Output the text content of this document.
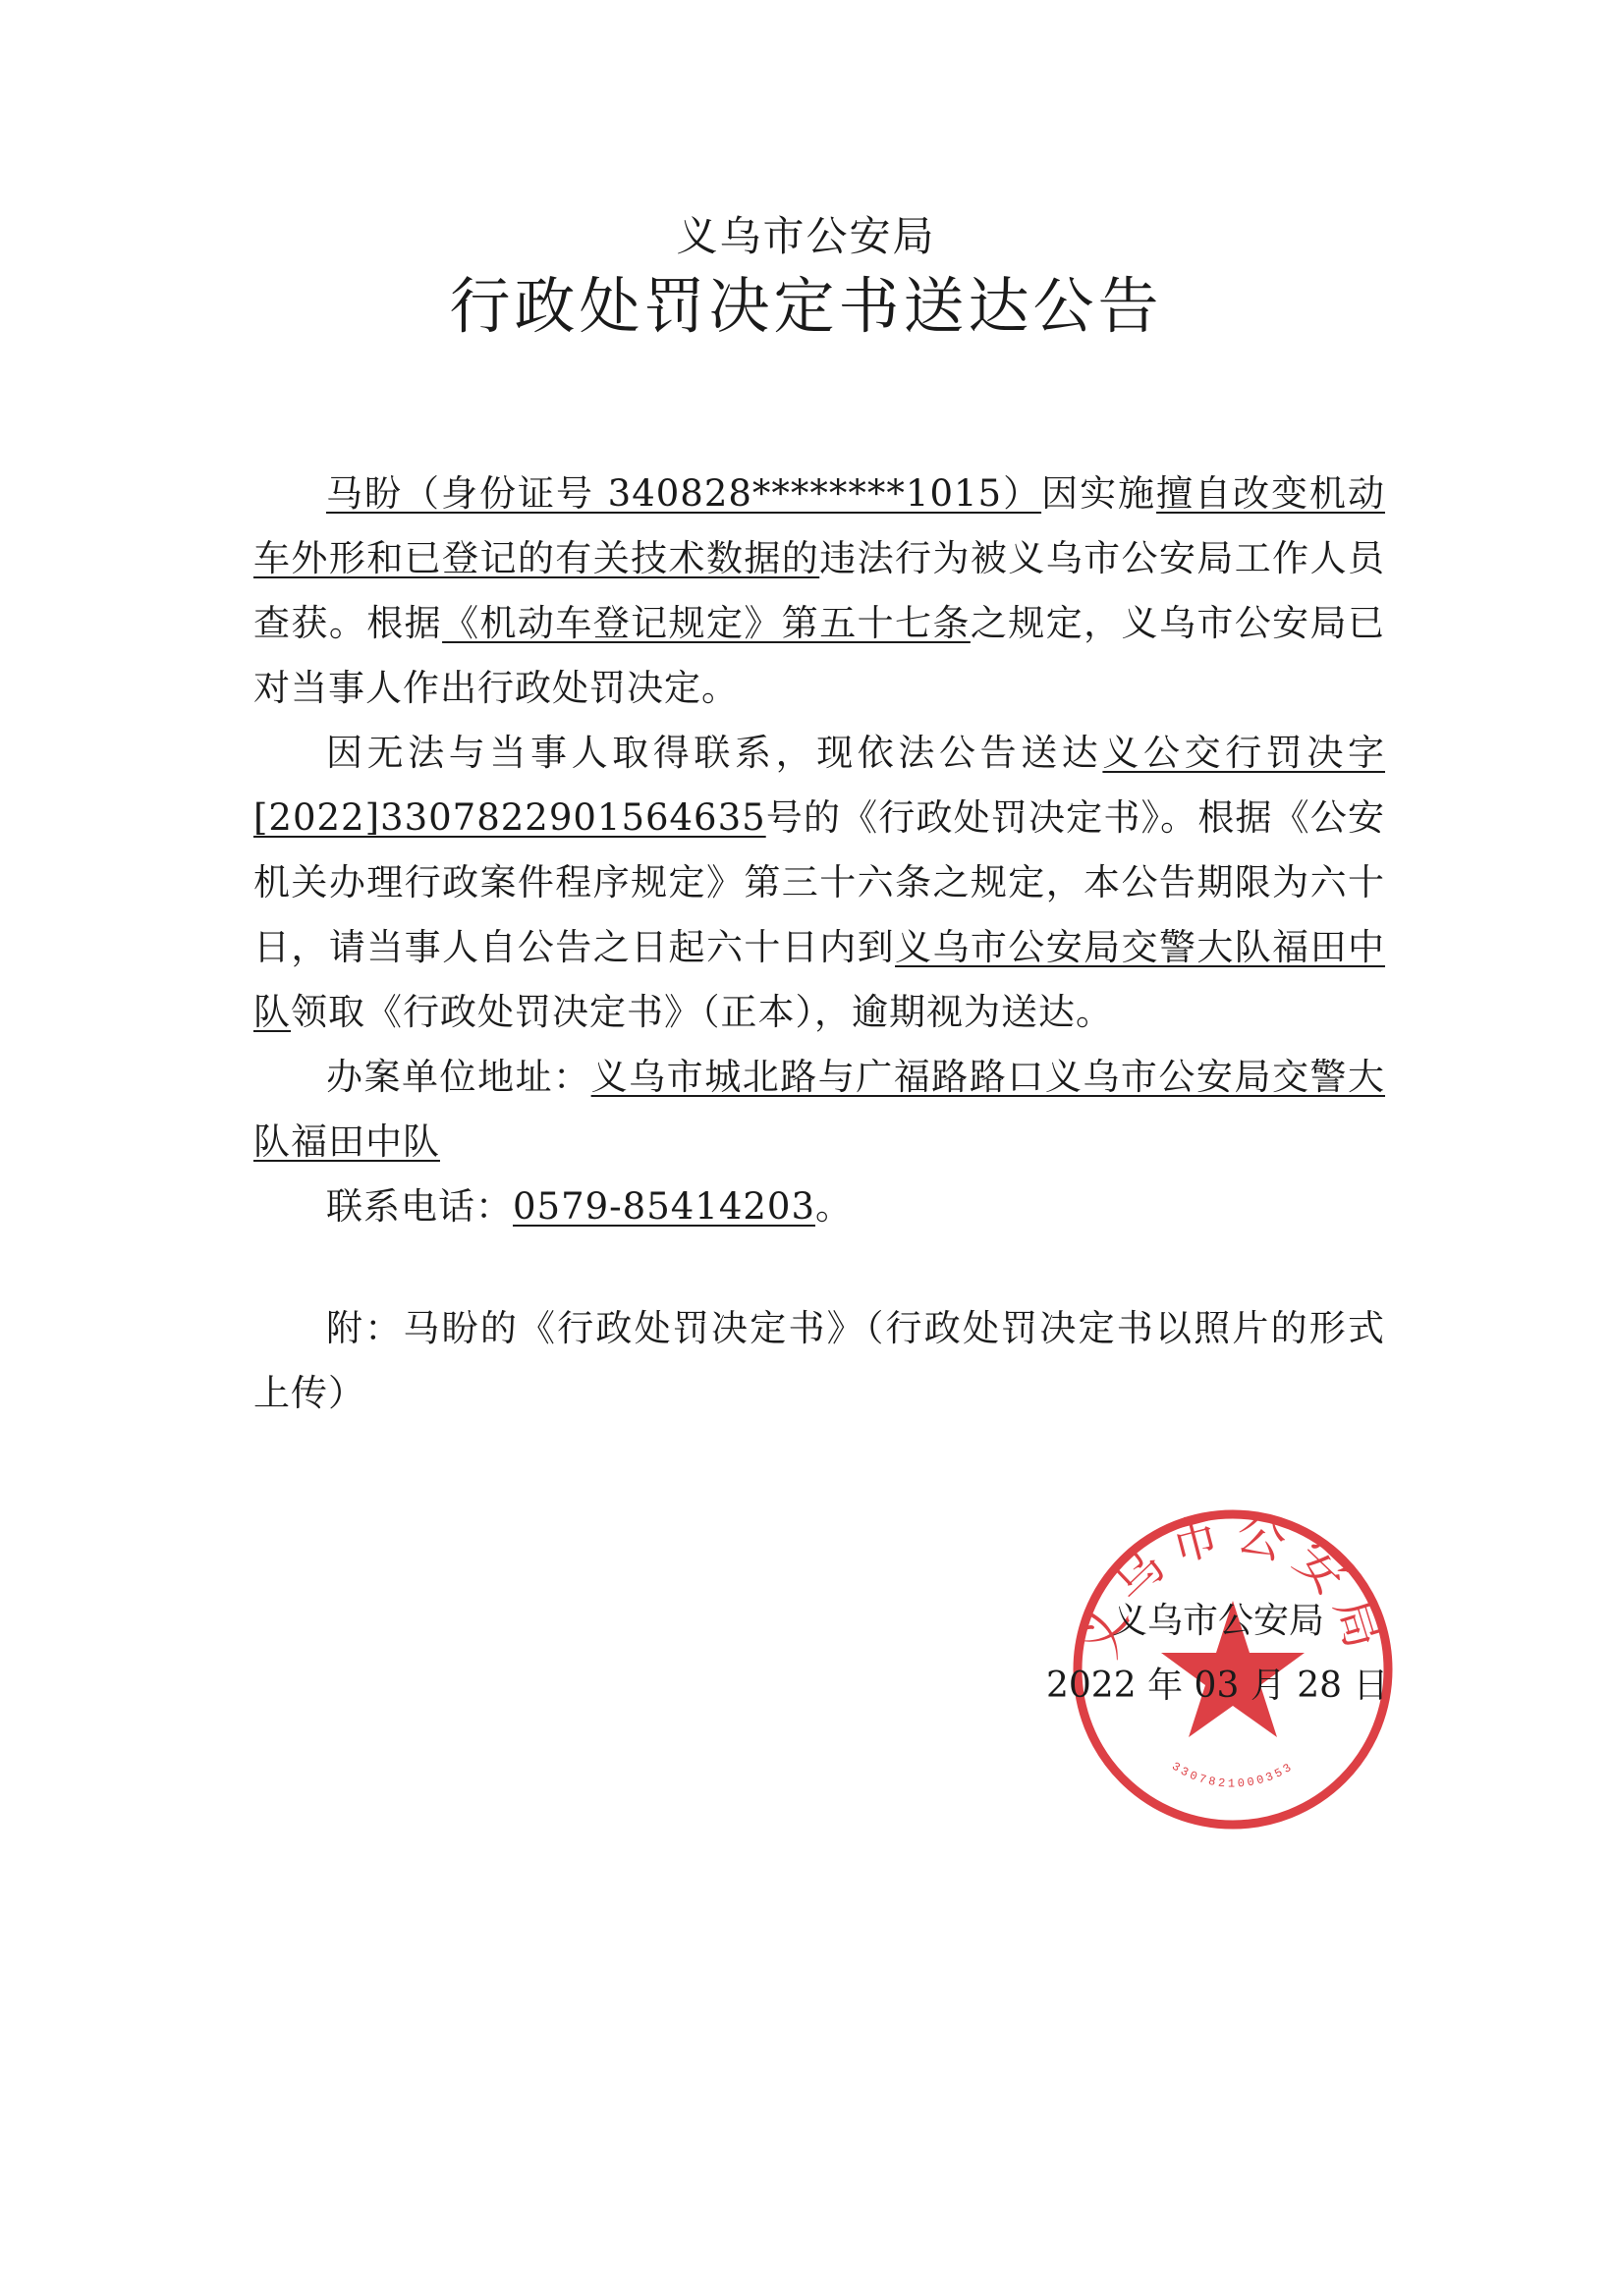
义乌市公安局
行政处罚决定书送达公告

马盼（身份证号 340828********1015）因实施擅自改变机动车外形和已登记的有关技术数据的违法行为被义乌市公安局工作人员查获。根据《机动车登记规定》第五十七条之规定，义乌市公安局已对当事人作出行政处罚决定。

因无法与当事人取得联系，现依法公告送达义公交行罚决字[2022]3307822901564635号的《行政处罚决定书》。根据《公安机关办理行政案件程序规定》第三十六条之规定，本公告期限为六十日，请当事人自公告之日起六十日内到义乌市公安局交警大队福田中队领取《行政处罚决定书》（正本），逾期视为送达。

办案单位地址：义乌市城北路与广福路路口义乌市公安局交警大队福田中队

联系电话：0579-85414203。

附：马盼的《行政处罚决定书》（行政处罚决定书以照片的形式上传）

义乌市公安局
3307821000353
义乌市公安局
2022 年 03 月 28 日
